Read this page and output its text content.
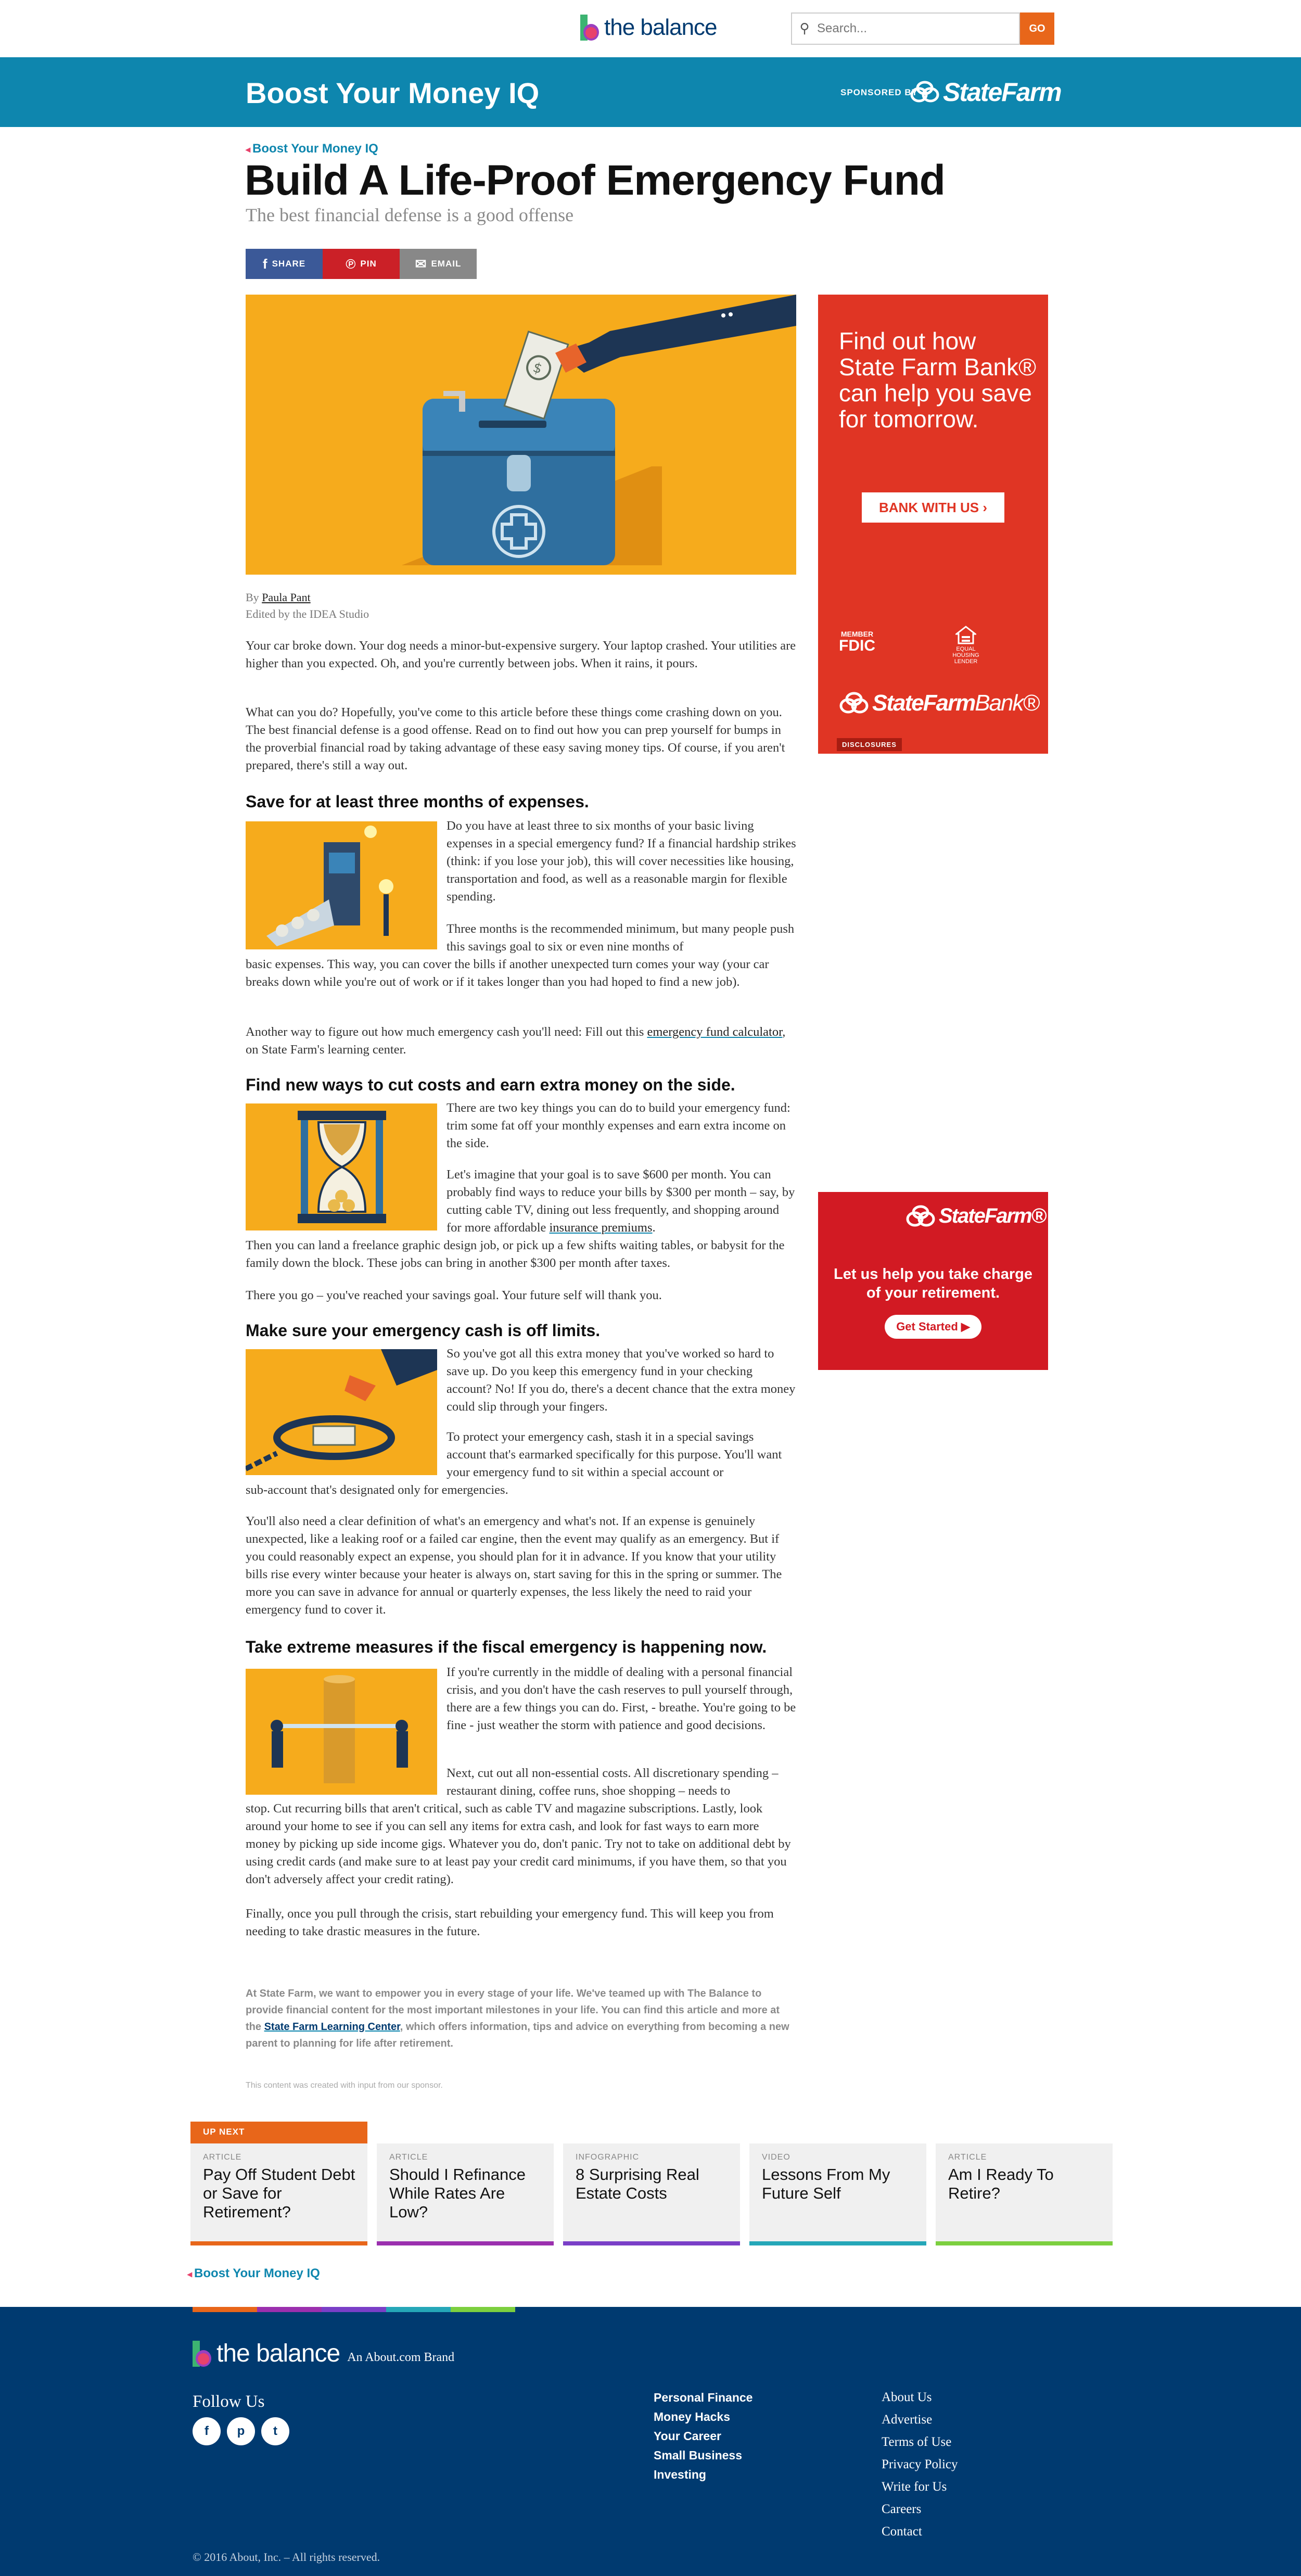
the balance	⚲
Search...	GO
Boost Your Money IQ	SPONSORED BY StateFarm
◂ Boost Your Money IQ
Build A Life-Proof Emergency Fund
The best financial defense is a good offense
f SHARE	℗ PIN	✉ EMAIL
$
By Paula Pant
Edited by the IDEA Studio
Find out how State Farm Bank® can help you save for tomorrow.
BANK WITH US ›
MEMBER
FDIC	EQUAL HOUSING LENDER
StateFarm Bank®
DISCLOSURES
StateFarm®
Let us help you take charge of your retirement.
Get Started ▶

Your car broke down. Your dog needs a minor-but-expensive surgery. Your laptop crashed. Your utilities are higher than you expected. Oh, and you're currently between jobs. When it rains, it pours.

What can you do? Hopefully, you've come to this article before these things come crashing down on you. The best financial defense is a good offense. Read on to find out how you can prep yourself for bumps in the proverbial financial road by taking advantage of these easy saving money tips. Of course, if you aren't prepared, there's still a way out.

Save for at least three months of expenses.

Do you have at least three to six months of your basic living expenses in a special emergency fund? If a financial hardship strikes (think: if you lose your job), this will cover necessities like housing, transportation and food, as well as a reasonable margin for flexible spending.

Three months is the recommended minimum, but many people push this savings goal to six or even nine months of

basic expenses. This way, you can cover the bills if another unexpected turn comes your way (your car breaks down while you're out of work or if it takes longer than you had hoped to find a new job).

Another way to figure out how much emergency cash you'll need: Fill out this emergency fund calculator, on State Farm's learning center.

Find new ways to cut costs and earn extra money on the side.

There are two key things you can do to build your emergency fund: trim some fat off your monthly expenses and earn extra income on the side.

Let's imagine that your goal is to save $600 per month. You can probably find ways to reduce your bills by $300 per month – say, by cutting cable TV, dining out less frequently, and shopping around for more affordable insurance premiums.

Then you can land a freelance graphic design job, or pick up a few shifts waiting tables, or babysit for the family down the block. These jobs can bring in another $300 per month after taxes.

There you go – you've reached your savings goal. Your future self will thank you.

Make sure your emergency cash is off limits.

So you've got all this extra money that you've worked so hard to save up. Do you keep this emergency fund in your checking account? No! If you do, there's a decent chance that the extra money could slip through your fingers.

To protect your emergency cash, stash it in a special savings account that's earmarked specifically for this purpose. You'll want your emergency fund to sit within a special account or

sub-account that's designated only for emergencies.

You'll also need a clear definition of what's an emergency and what's not. If an expense is genuinely unexpected, like a leaking roof or a failed car engine, then the event may qualify as an emergency. But if you could reasonably expect an expense, you should plan for it in advance. If you know that your utility bills rise every winter because your heater is always on, start saving for this in the spring or summer. The more you can save in advance for annual or quarterly expenses, the less likely the need to raid your emergency fund to cover it.

Take extreme measures if the fiscal emergency is happening now.

If you're currently in the middle of dealing with a personal financial crisis, and you don't have the cash reserves to pull yourself through, there are a few things you can do. First, - breathe. You're going to be fine - just weather the storm with patience and good decisions.

Next, cut out all non-essential costs. All discretionary spending – restaurant dining, coffee runs, shoe shopping – needs to

stop. Cut recurring bills that aren't critical, such as cable TV and magazine subscriptions. Lastly, look around your home to see if you can sell any items for extra cash, and look for fast ways to earn more money by picking up side income gigs. Whatever you do, don't panic. Try not to take on additional debt by using credit cards (and make sure to at least pay your credit card minimums, if you have them, so that you don't adversely affect your credit rating).

Finally, once you pull through the crisis, start rebuilding your emergency fund. This will keep you from needing to take drastic measures in the future.

At State Farm, we want to empower you in every stage of your life. We've teamed up with The Balance to provide financial content for the most important milestones in your life. You can find this article and more at the State Farm Learning Center, which offers information, tips and advice on everything from becoming a new parent to planning for life after retirement.
This content was created with input from our sponsor.
UP NEXT
ARTICLE
Pay Off Student Debt or Save for Retirement?
ARTICLE
Should I Refinance While Rates Are Low?
INFOGRAPHIC
8 Surprising Real Estate Costs
VIDEO
Lessons From My Future Self
ARTICLE
Am I Ready To Retire?
◂ Boost Your Money IQ
the balance An About.com Brand
Follow Us
f	p	t
Personal Finance
Money Hacks
Your Career
Small Business
Investing
About Us
Advertise
Terms of Use
Privacy Policy
Write for Us
Careers
Contact
© 2016 About, Inc. – All rights reserved.
